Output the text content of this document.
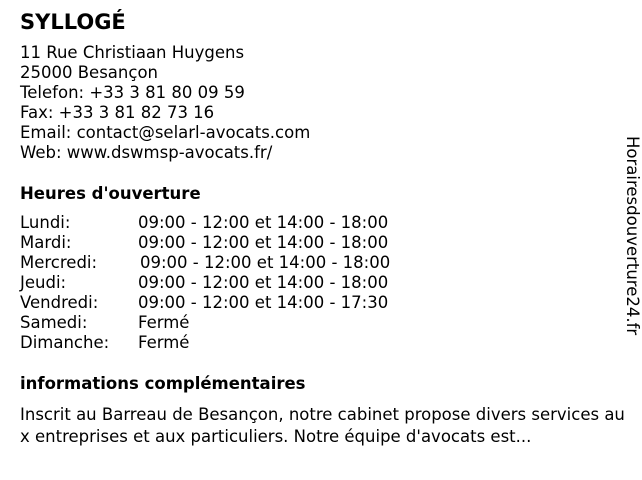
SYLLOGÉ
11 Rue Christiaan Huygens
25000 Besançon
Telefon: +33 3 81 80 09 59
Fax: +33 3 81 82 73 16
Email: contact@selarl-avocats.com
Web: www.dswmsp-avocats.fr/
Heures d'ouverture
Lundi:	09:00 - 12:00 et 14:00 - 18:00
Mardi:	09:00 - 12:00 et 14:00 - 18:00
Mercredi:	09:00 - 12:00 et 14:00 - 18:00
Jeudi:	09:00 - 12:00 et 14:00 - 18:00
Vendredi: 09:00 - 12:00 et 14:00 - 17:30
Samedi:	Fermé
Dimanche: Fermé
informations complémentaires
Inscrit au Barreau de Besançon, notre cabinet propose divers services aux entreprises et aux particuliers. Notre équipe d'avocats est...
Horairesdouverture24.fr
